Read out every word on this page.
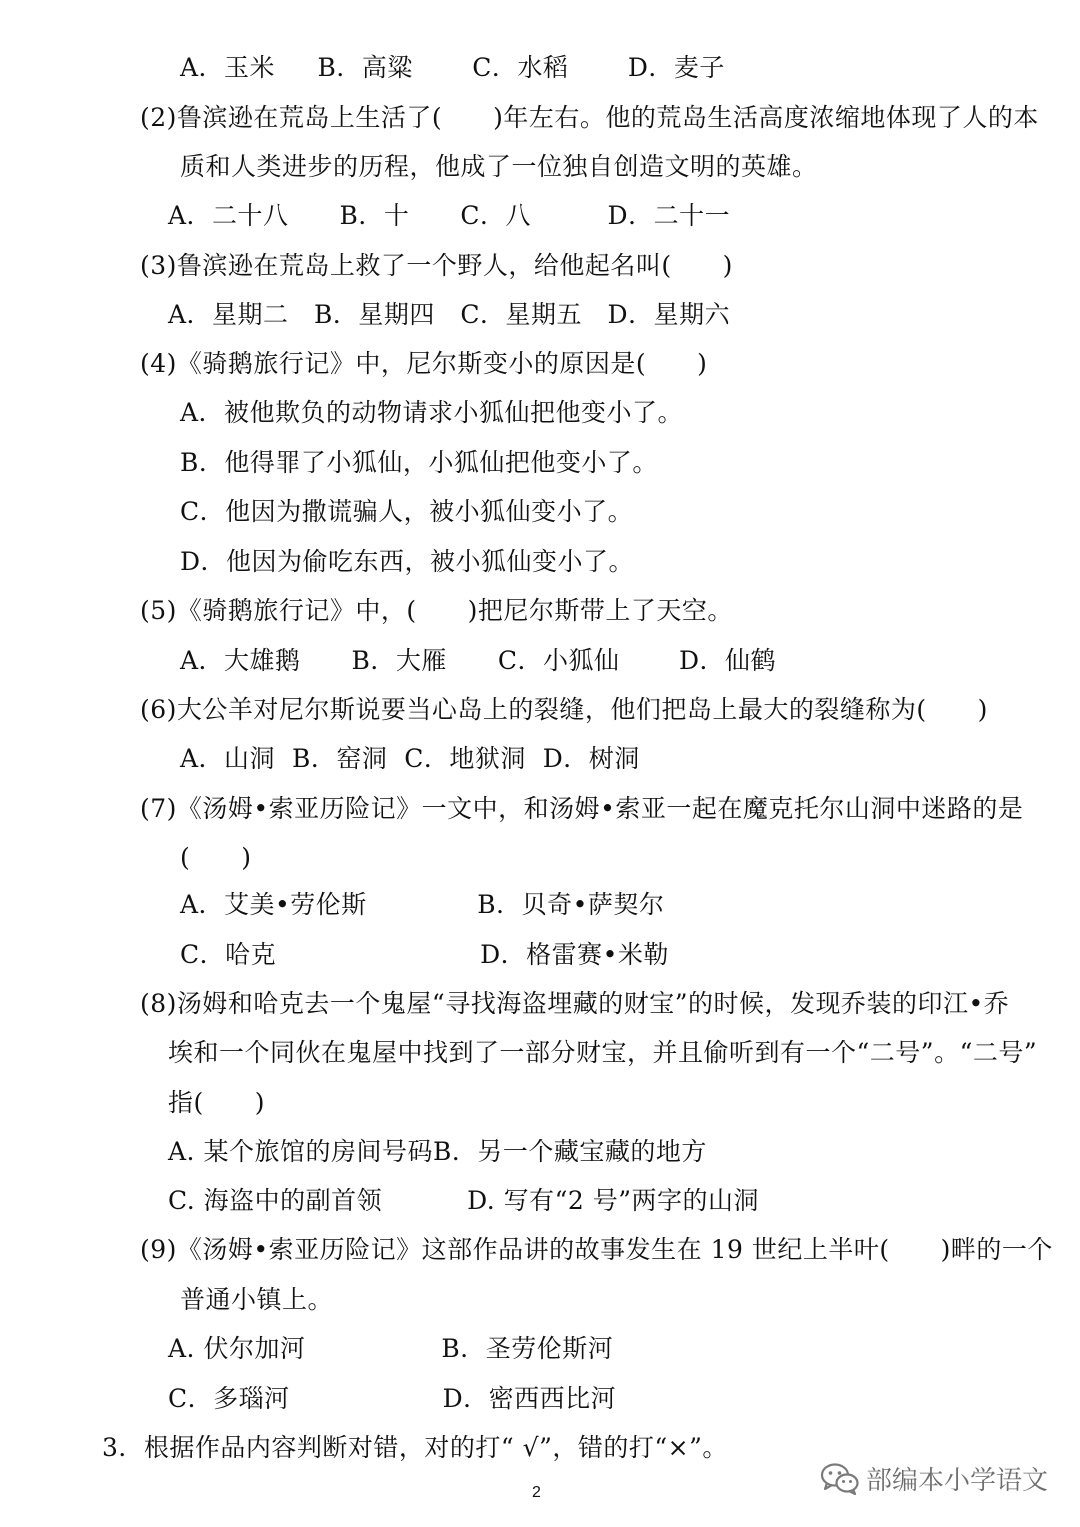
A．玉米　  B．高粱　　 C．水稻　　 D．麦子
(2)鲁滨逊在荒岛上生活了(　　)年左右。他的荒岛生活高度浓缩地体现了人的本
质和人类进步的历程，他成了一位独自创造文明的英雄。
A．二十八　　B．十　　C．八　　　D．二十一
(3)鲁滨逊在荒岛上救了一个野人，给他起名叫(　　)
A．星期二　B．星期四　C．星期五　D．星期六
(4)《骑鹅旅行记》中，尼尔斯变小的原因是(　　)
A．被他欺负的动物请求小狐仙把他变小了。
B．他得罪了小狐仙，小狐仙把他变小了。
C．他因为撒谎骗人，被小狐仙变小了。
D．他因为偷吃东西，被小狐仙变小了。
(5)《骑鹅旅行记》中，(　　)把尼尔斯带上了天空。
A．大雄鹅　　B．大雁　　C．小狐仙　　 D．仙鹤
(6)大公羊对尼尔斯说要当心岛上的裂缝，他们把岛上最大的裂缝称为(　　)
A．山洞  B．窑洞  C．地狱洞  D．树洞
(7)《汤姆•索亚历险记》一文中，和汤姆•索亚一起在魔克托尔山洞中迷路的是
(　　)
A．艾美•劳伦斯　　　　 B．贝奇•萨契尔
C．哈克　　　　　　　　D．格雷赛•米勒
(8)汤姆和哈克去一个鬼屋“寻找海盗埋藏的财宝”的时候，发现乔装的印江•乔
埃和一个同伙在鬼屋中找到了一部分财宝，并且偷听到有一个“二号”。“二号”
指(　　)
A. 某个旅馆的房间号码B．另一个藏宝藏的地方
C. 海盗中的副首领　　　 D. 写有“2 号”两字的山洞
(9)《汤姆•索亚历险记》这部作品讲的故事发生在 19 世纪上半叶(　　)畔的一个
普通小镇上。
A. 伏尔加河　　　　　 B．圣劳伦斯河
C．多瑙河　　　　　　D．密西西比河
3．根据作品内容判断对错，对的打“ √”，错的打“×”。
部编本小学语文
2
